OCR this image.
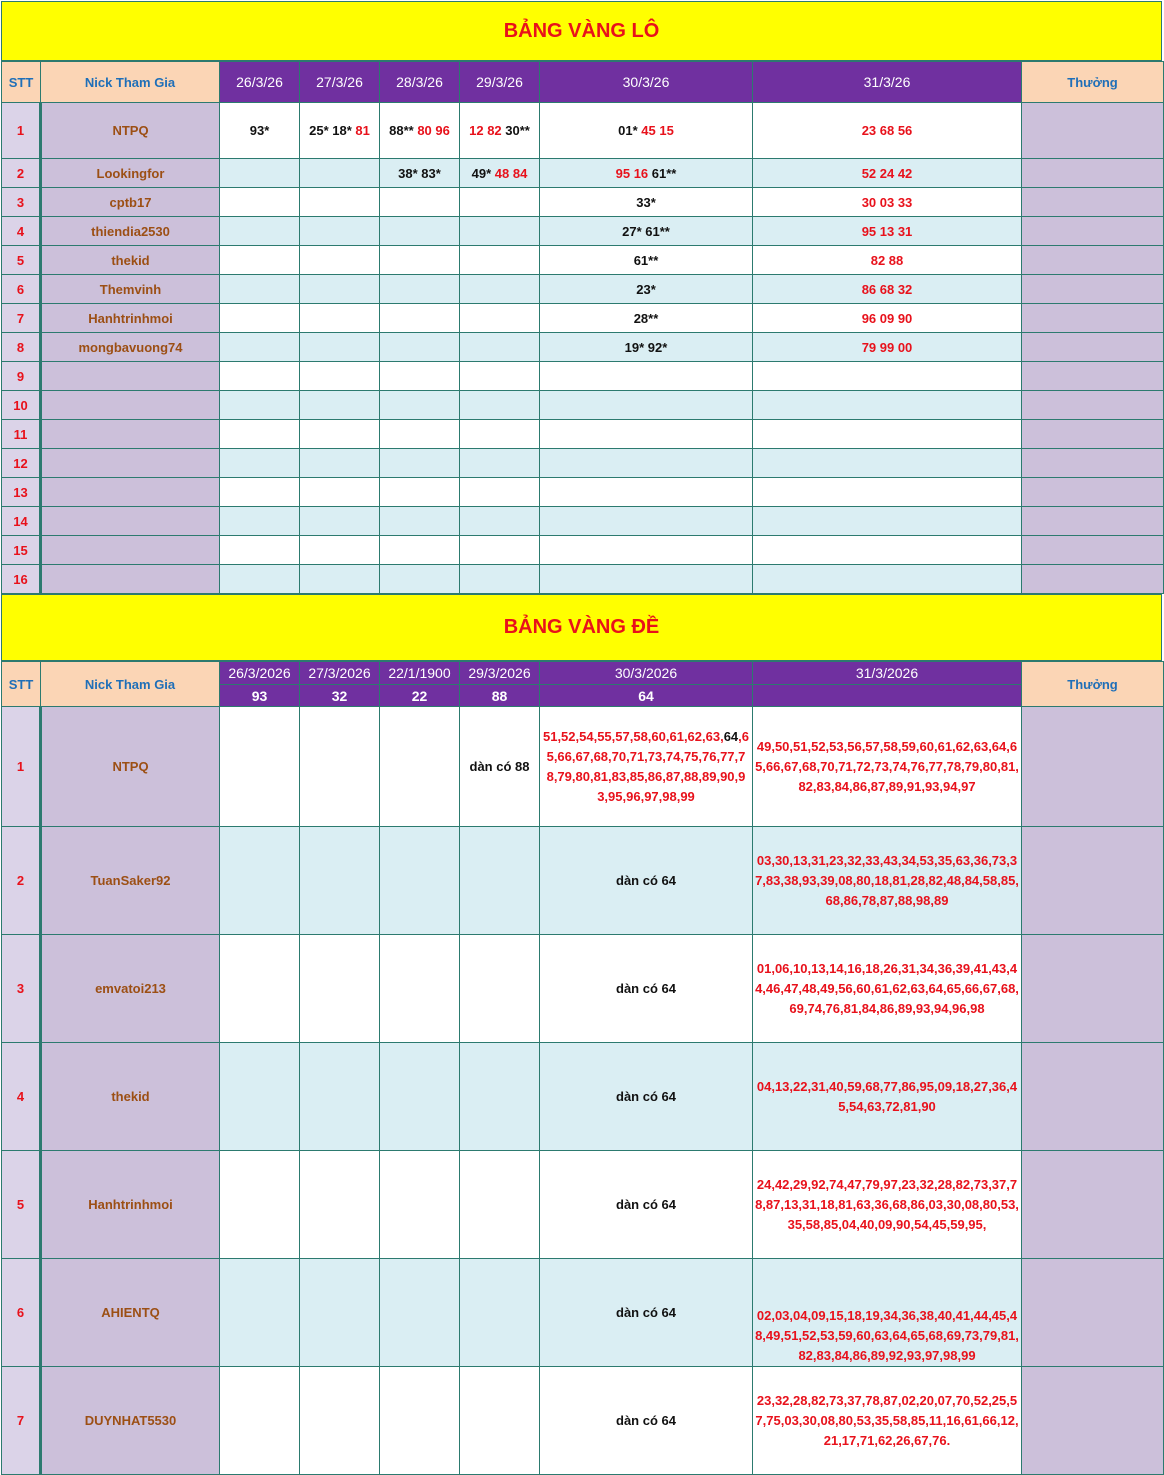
BẢNG VÀNG LÔ
STT	Nick Tham Gia	26/3/26	27/3/26	28/3/26	29/3/26	30/3/26	31/3/26	Thưởng
1	NTPQ	93*	25* 18* 81	88** 80 96	12 82 30**	01* 45 15	23 68 56	

2	Lookingfor			38* 83*	49* 48 84	95 16 61**	52 24 42	

3	cptb17					33*	30 03 33	

4	thiendia2530					27* 61**	95 13 31	

5	thekid					61**	82 88	

6	Themvinh					23*	86 68 32	

7	Hanhtrinhmoi					28**	96 09 90	

8	mongbavuong74					19* 92*	79 99 00	

9		

10		

11		

12		

13		

14		

15		

16		

BẢNG VÀNG ĐỀ
STT	Nick Tham Gia	26/3/2026	27/3/2026	22/1/1900	29/3/2026	30/3/2026	31/3/2026	Thưởng
		93	32	22	88	64		
1	NTPQ				dàn có 88	51,52,54,55,57,58,60,61,62,63,64,65,66,67,68,70,71,73,74,75,76,77,78,79,80,81,83,85,86,87,88,89,90,93,95,96,97,98,99	49,50,51,52,53,56,57,58,59,60,61,62,63,64,65,66,67,68,70,71,72,73,74,76,77,78,79,80,81,82,83,84,86,87,89,91,93,94,97	

2	TuanSaker92					dàn có 64	03,30,13,31,23,32,33,43,34,53,35,63,36,73,37,83,38,93,39,08,80,18,81,28,82,48,84,58,85,68,86,78,87,88,98,89	

3	emvatoi213					dàn có 64	01,06,10,13,14,16,18,26,31,34,36,39,41,43,44,46,47,48,49,56,60,61,62,63,64,65,66,67,68,69,74,76,81,84,86,89,93,94,96,98	

4	thekid					dàn có 64	04,13,22,31,40,59,68,77,86,95,09,18,27,36,45,54,63,72,81,90	

5	Hanhtrinhmoi					dàn có 64	24,42,29,92,74,47,79,97,23,32,28,82,73,37,78,87,13,31,18,81,63,36,68,86,03,30,08,80,53,35,58,85,04,40,09,90,54,45,59,95,	

6	AHIENTQ					dàn có 64	02,03,04,09,15,18,19,34,36,38,40,41,44,45,48,49,51,52,53,59,60,63,64,65,68,69,73,79,81,82,83,84,86,89,92,93,97,98,99	

7	DUYNHAT5530					dàn có 64	23,32,28,82,73,37,78,87,02,20,07,70,52,25,57,75,03,30,08,80,53,35,58,85,11,16,61,66,12,21,17,71,62,26,67,76.	
